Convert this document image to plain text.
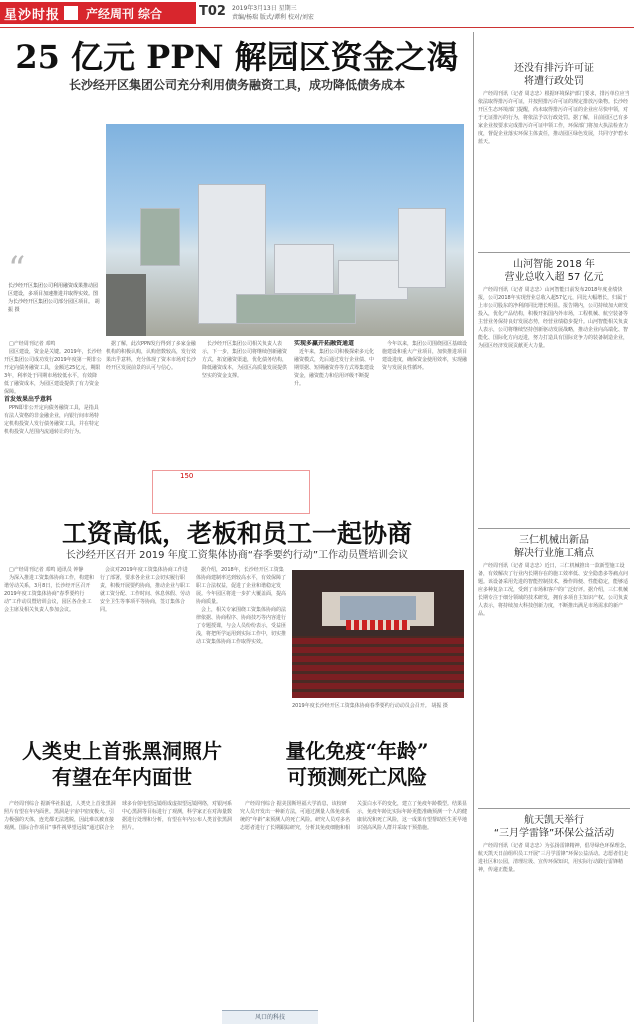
星沙时报 产经周刊 综合	T02 2019年3月13日 星期三
责编/杨瑞 版式/谭利 校对/刘宏
25 亿元 PPN 解园区资金之渴
长沙经开区集团公司充分利用债务融资工具，成功降低债务成本
“
长沙经开区集团公司利用融资成果推动园区建设，多项目加速推进并取得实效。图为长沙经开区集团公司部分园区项目。 胡振 摄

□产经周刊记者 邓鸣

园区建设，资金是关键。2019年，长沙经开区集团公司成功发行2019年度第一期非公开定向债务融资工具，金额达25亿元，期限3年，利率处于同期市场较低水平，有效降低了融资成本，为园区建设提供了有力资金保障。

首发效果出乎意料

PPN即非公开定向债务融资工具，是指具有法人资格的非金融企业，向银行间市场特定机构投资人发行债务融资工具，并在特定机构投资人范围内流通转让的行为。

据了解，此次PPN发行得到了多家金融机构的积极认购，认购倍数较高，发行效果出乎意料，充分体现了资本市场对长沙经开区发展前景的认可与信心。

长沙经开区集团公司相关负责人表示，下一步，集团公司将继续创新融资方式，拓宽融资渠道，优化债务结构，降低融资成本，为园区高质量发展提供坚实的资金支撑。

实现多赢开拓融资通道

近年来，集团公司积极探索多元化融资模式，先后通过发行企业债、中期票据、短期融资券等方式筹集建设资金，融资能力和信用评级不断提升。

今年以来，集团公司围绕园区基础设施建设和重大产业项目，加快推进项目建设进度，确保资金使用效率，实现融资与发展良性循环。

150
工资高低，老板和员工一起协商
长沙经开区召开 2019 年度工资集体协商“春季要约行动”工作动员暨培训会议

□产经周刊记者 邓鸣 通讯员 钟静

为深入推进工资集体协商工作，构建和谐劳动关系，3月8日，长沙经开区召开2019年度工资集体协商“春季要约行动”工作动员暨培训会议，园区各企业工会主席及相关负责人参加会议。

会议对2019年度工资集体协商工作进行了部署，要求各企业工会切实履行职责，积极开展要约协商，推动企业与职工就工资分配、工作时间、休息休假、劳动安全卫生等事项平等协商，签订集体合同。

据介绍，2018年，长沙经开区工资集体协商建制率达到较高水平，有效保障了职工合法权益，促进了企业和谐稳定发展。今年园区将进一步扩大覆盖面，提高协商质量。

会上，相关专家围绕工资集体协商的法律依据、协商程序、协商技巧等内容进行了专题授课，与会人员纷纷表示，受益匪浅，将把所学运用到实际工作中，切实推动工资集体协商工作取得实效。

2019年度长沙经开区工资集体协商春季要约行动动员会召开。 胡振 摄
人类史上首张黑洞照片
有望在年内面世

产经周刊综合 据新华社报道，人类史上首张黑洞照片有望在年内面世。黑洞是宇宙中密度极大、引力极强的天体，连光都无法逃脱，因此难以被直接观测。国际合作项目“事件视界望远镜”通过联合全球多台射电望远镜组成虚拟望远镜网络，对银河系中心黑洞等目标进行了观测，科学家正在对海量数据进行处理和分析，有望在年内公布人类首张黑洞照片。

量化免疫“年龄”
可预测死亡风险

产经周刊综合 据美国斯坦福大学消息，该校研究人员开发出一种新方法，可通过测量人体免疫系统的“年龄”来预测人的死亡风险。研究人员对多名志愿者进行了长期跟踪研究，分析其免疫细胞和相关蛋白水平的变化，建立了免疫年龄模型。结果显示，免疫年龄比实际年龄更能准确预测一个人的健康状况和死亡风险，这一成果有望帮助医生更早地识别高风险人群并采取干预措施。

还没有排污许可证
将遭行政处罚

产经周刊讯（记者 周志忠）根据环境保护部门要求，排污单位应当依法取得排污许可证，并按照排污许可证的规定排放污染物。长沙经开区生态环境部门提醒，尚未取得排污许可证的企业应尽快申领，对于无证排污的行为，将依法予以行政处罚。据了解，目前园区已有多家企业按要求完成排污许可证申领工作，环保部门将加大执法检查力度，督促企业落实环保主体责任，推动园区绿色发展，共同守护碧水蓝天。

山河智能 2018 年
营业总收入超 57 亿元

产经周刊讯（记者 周志忠）山河智能日前发布2018年度业绩快报，公司2018年实现营业总收入超57亿元，同比大幅增长，归属于上市公司股东的净利润同比增长明显。报告期内，公司持续加大研发投入，优化产品结构，积极开拓国内外市场，工程机械、航空装备等主营业务保持良好发展态势，经营业绩稳步提升。山河智能相关负责人表示，公司将继续坚持创新驱动发展战略，推动企业向高端化、智能化、国际化方向迈进，努力打造具有国际竞争力的装备制造企业，为园区经济发展贡献更大力量。

三仁机械出新品
解决行业施工痛点

产经周刊讯（记者 周志忠）近日，三仁机械推出一款新型施工设备，有效解决了行业内长期存在的施工效率低、安全隐患多等痛点问题。该设备采用先进的智能控制技术，操作简便、性能稳定，能够适应多种复杂工况，受到了市场和客户的广泛好评。据介绍，三仁机械长期专注于细分领域的技术研发，拥有多项自主知识产权。公司负责人表示，将持续加大科技创新力度，不断推出满足市场需求的新产品。

航天凯天举行
“三月学雷锋”环保公益活动

产经周刊讯（记者 周志忠）为弘扬雷锋精神，倡导绿色环保理念，航天凯天日前组织员工开展“三月学雷锋”环保公益活动。志愿者们走进社区和公园，清理垃圾、宣传环保知识，用实际行动践行雷锋精神，传递正能量。

风口的科技
